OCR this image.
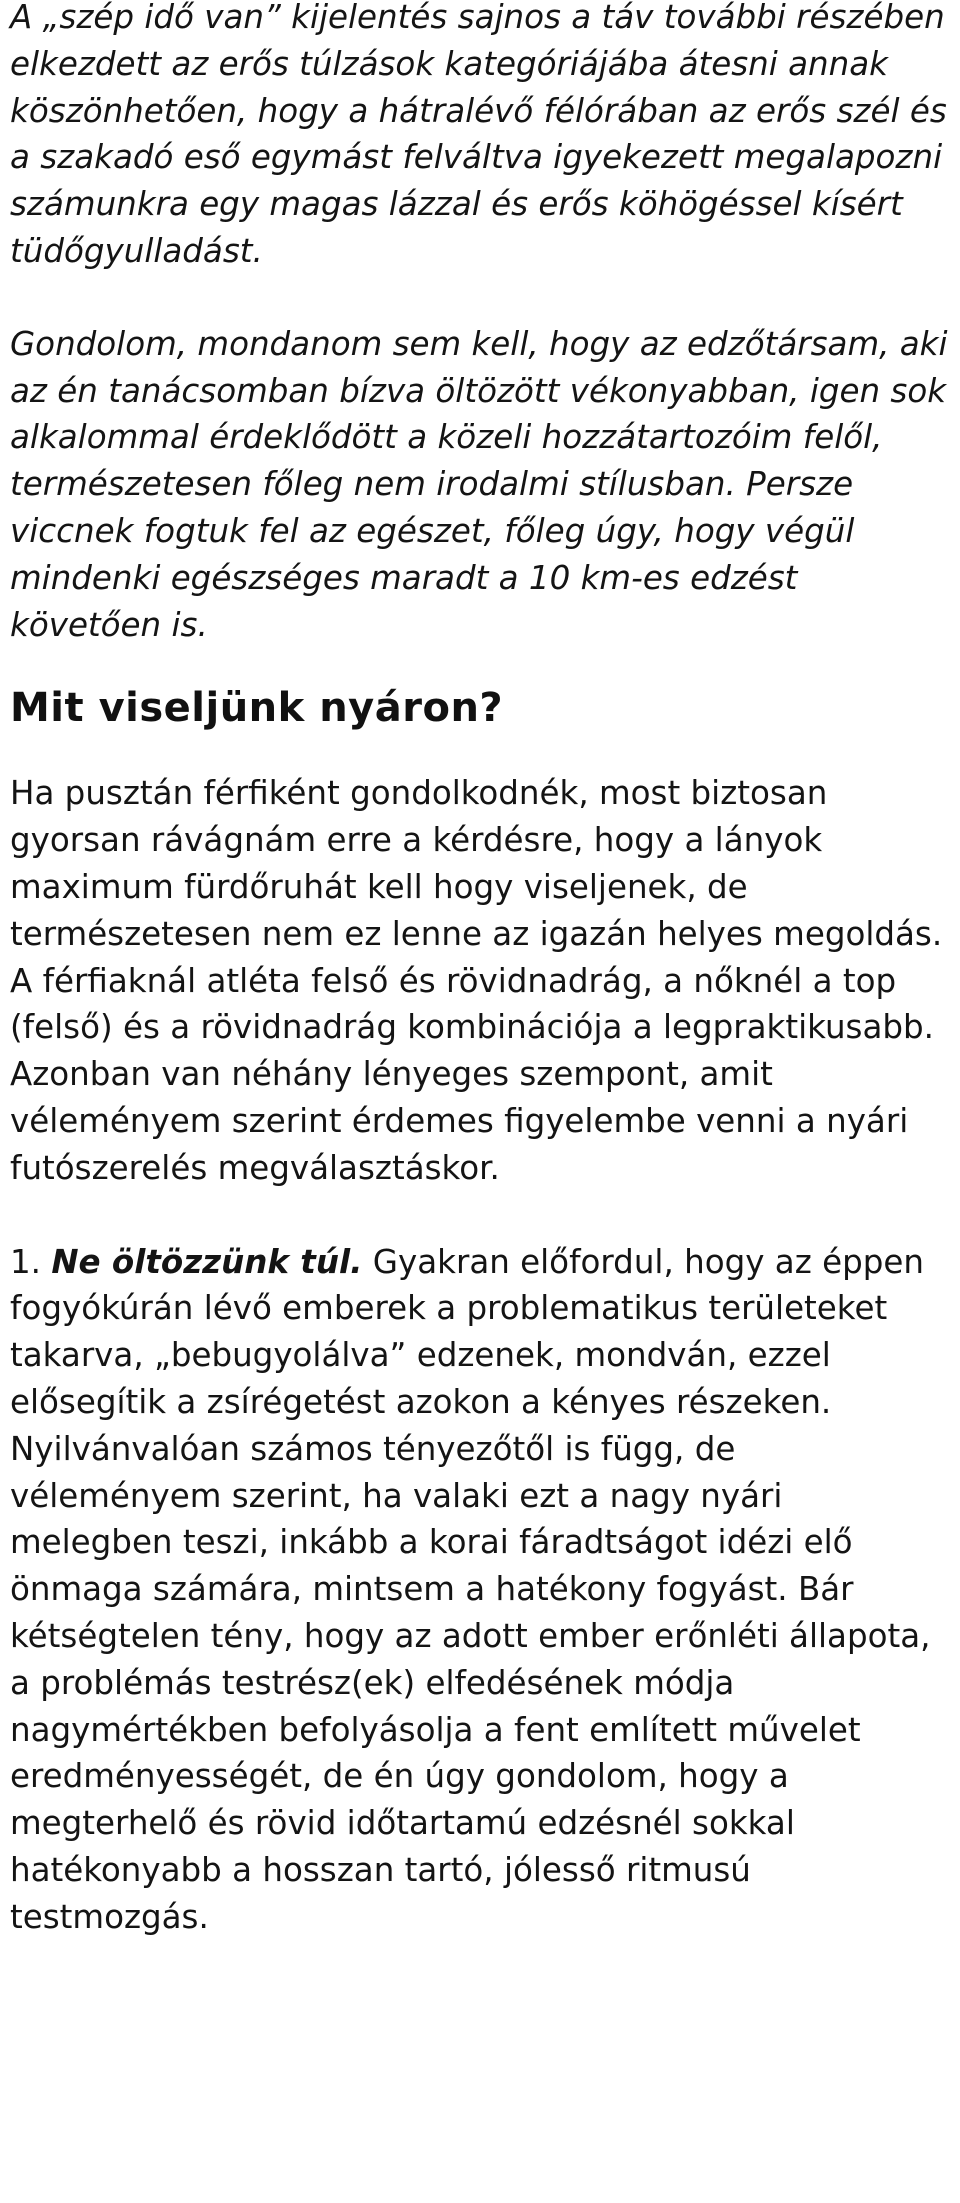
A „szép idő van” kijelentés sajnos a táv további részében elkezdett az erős túlzások kategóriájába átesni annak köszönhetően, hogy a hátralévő félórában az erős szél és a szakadó eső egymást felváltva igyekezett megalapozni számunkra egy magas lázzal és erős köhögéssel kísért tüdőgyulladást.

Gondolom, mondanom sem kell, hogy az edzőtársam, aki az én tanácsomban bízva öltözött vékonyabban, igen sok alkalommal érdeklődött a közeli hozzátartozóim felől, természetesen főleg nem irodalmi stílusban. Persze viccnek fogtuk fel az egészet, főleg úgy, hogy végül mindenki egészséges maradt a 10 km-es edzést követően is.

Mit viseljünk nyáron?

Ha pusztán férfiként gondolkodnék, most biztosan gyorsan rávágnám erre a kérdésre, hogy a lányok maximum fürdőruhát kell hogy viseljenek, de természetesen nem ez lenne az igazán helyes megoldás.

A férfiaknál atléta felső és rövidnadrág, a nőknél a top (felső) és a rövidnadrág kombinációja a legpraktikusabb.

Azonban van néhány lényeges szempont, amit véleményem szerint érdemes figyelembe venni a nyári futószerelés megválasztáskor.

1. Ne öltözzünk túl. Gyakran előfordul, hogy az éppen fogyókúrán lévő emberek a problematikus területeket takarva, „bebugyolálva” edzenek, mondván, ezzel elősegítik a zsírégetést azokon a kényes részeken. Nyilvánvalóan számos tényezőtől is függ, de véleményem szerint, ha valaki ezt a nagy nyári melegben teszi, inkább a korai fáradtságot idézi elő önmaga számára, mintsem a hatékony fogyást. Bár kétségtelen tény, hogy az adott ember erőnléti állapota, a problémás testrész(ek) elfedésének módja nagymértékben befolyásolja a fent említett művelet eredményességét, de én úgy gondolom, hogy a megterhelő és rövid időtartamú edzésnél sokkal hatékonyabb a hosszan tartó, jólesső ritmusú testmozgás.
